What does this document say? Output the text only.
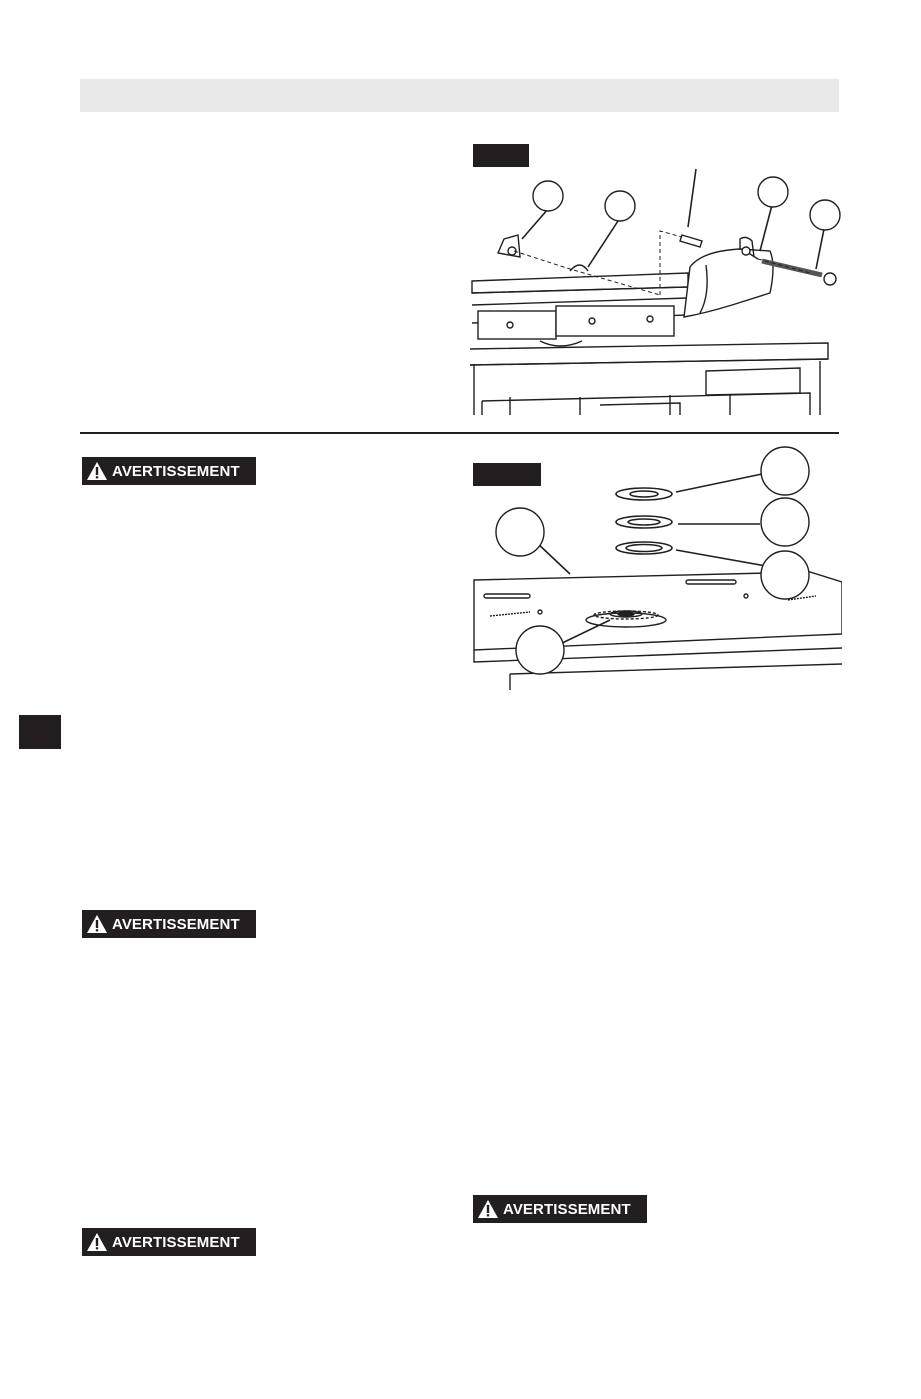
AVERTISSEMENT
AVERTISSEMENT
AVERTISSEMENT
AVERTISSEMENT
